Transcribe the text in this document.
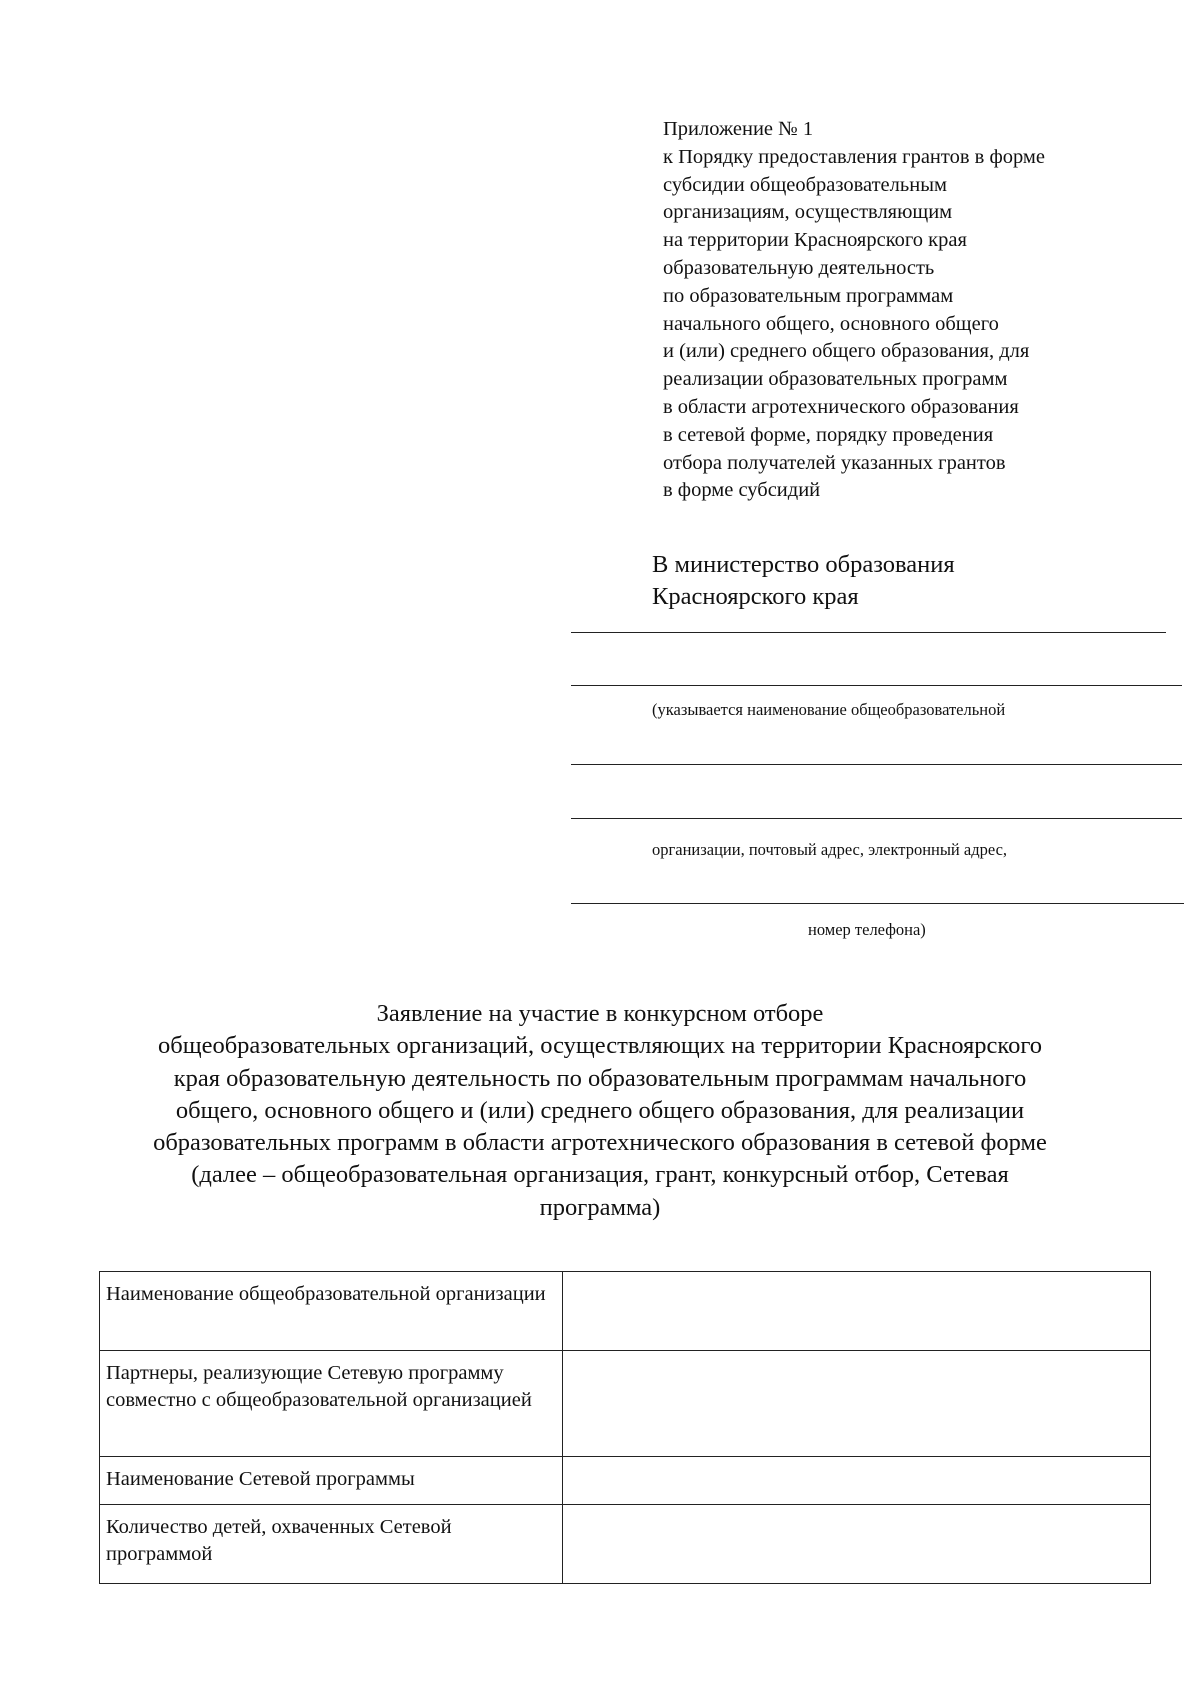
Приложение № 1
к Порядку предоставления грантов в форме
субсидии общеобразовательным
организациям, осуществляющим
на территории Красноярского края
образовательную деятельность
по образовательным программам
начального общего, основного общего
и (или) среднего общего образования, для
реализации образовательных программ
в области агротехнического образования
в сетевой форме, порядку проведения
отбора получателей указанных грантов
в форме субсидий
В министерство образования
Красноярского края
(указывается наименование общеобразовательной
организации, почтовый адрес, электронный адрес,
номер телефона)
Заявление на участие в конкурсном отборе
общеобразовательных организаций, осуществляющих на территории Красноярского
края образовательную деятельность по образовательным программам начального
общего, основного общего и (или) среднего общего образования, для реализации
образовательных программ в области агротехнического образования в сетевой форме
(далее – общеобразовательная организация, грант, конкурсный отбор, Сетевая
программа)
Наименование общеобразовательной организации	
Партнеры, реализующие Сетевую программу совместно с общеобразовательной организацией	
Наименование Сетевой программы	
Количество детей, охваченных Сетевой программой	
